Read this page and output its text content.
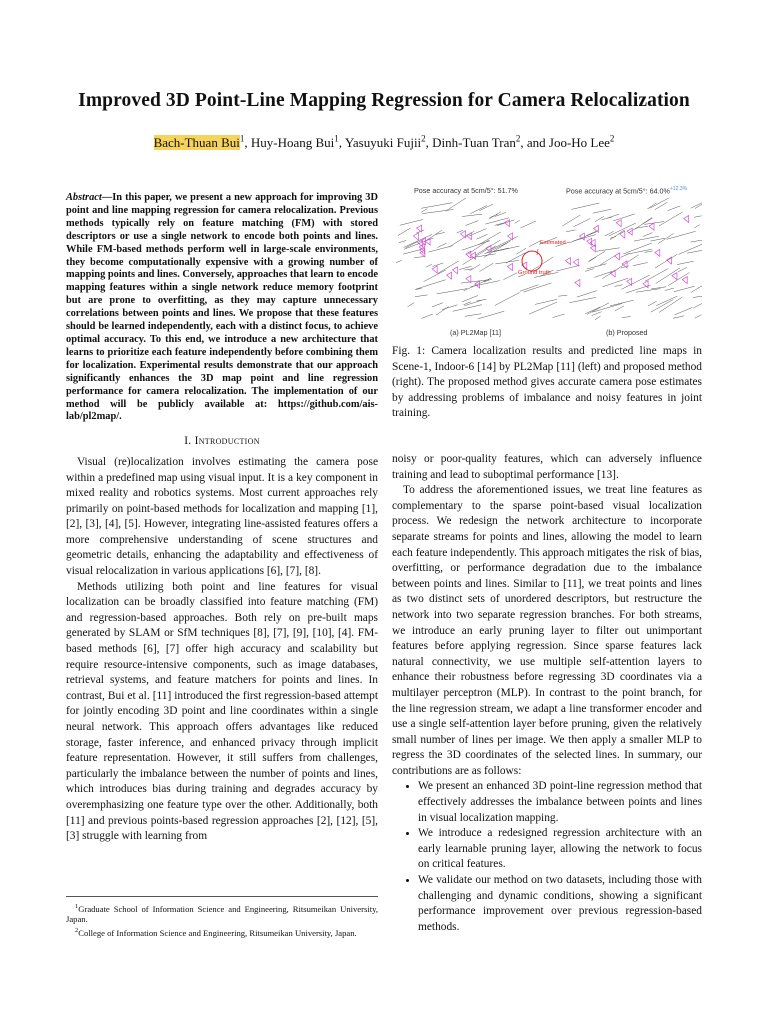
Improved 3D Point-Line Mapping Regression for Camera Relocalization
Bach-Thuan Bui$^1$, Huy-Hoang Bui$^1$, Yasuyuki Fujii$^2$, Dinh-Tuan Tran$^2$, and Joo-Ho Lee$^2$
Abstract—In this paper, we present a new approach for improving 3D point and line mapping regression for camera relocalization. Previous methods typically rely on feature matching (FM) with stored descriptors or use a single network to encode both points and lines. While FM-based methods perform well in large-scale environments, they become computationally expensive with a growing number of mapping points and lines. Conversely, approaches that learn to encode mapping features within a single network reduce memory footprint but are prone to overfitting, as they may capture unnecessary correlations between points and lines. We propose that these features should be learned independently, each with a distinct focus, to achieve optimal accuracy. To this end, we introduce a new architecture that learns to prioritize each feature independently before combining them for localization. Experimental results demonstrate that our approach significantly enhances the 3D map point and line regression performance for camera relocalization. The implementation of our method will be publicly available at: https://github.com/ais-lab/pl2map/.
I. Introduction

Visual (re)localization involves estimating the camera pose within a predefined map using visual input. It is a key component in mixed reality and robotics systems. Most current approaches rely primarily on point-based methods for localization and mapping [1], [2], [3], [4], [5]. However, integrating line-assisted features offers a more comprehensive understanding of scene structures and geometric details, enhancing the adaptability and effectiveness of visual relocalization in various applications [6], [7], [8].

Methods utilizing both point and line features for visual localization can be broadly classified into feature matching (FM) and regression-based approaches. Both rely on pre-built maps generated by SLAM or SfM techniques [8], [7], [9], [10], [4]. FM-based methods [6], [7] offer high accuracy and scalability but require resource-intensive components, such as image databases, retrieval systems, and feature matchers for points and lines. In contrast, Bui et al. [11] introduced the first regression-based attempt for jointly encoding 3D point and line coordinates within a single neural network. This approach offers advantages like reduced storage, faster inference, and enhanced privacy through implicit feature representation. However, it still suffers from challenges, particularly the imbalance between the number of points and lines, which introduces bias during training and degrades accuracy by overemphasizing one feature type over the other. Additionally, both [11] and previous points-based regression approaches [2], [12], [5], [3] struggle with learning from

$^1$Graduate School of Information Science and Engineering, Ritsumeikan University, Japan.
$^2$College of Information Science and Engineering, Ritsumeikan University, Japan.
Pose accuracy at 5cm/5°: 51.7%	Pose accuracy at 5cm/5°: 64.0%$^{+12.3\%}$
Estimated
Ground truth
(a) PL2Map [11]	(b) Proposed
Fig. 1: Camera localization results and predicted line maps in Scene-1, Indoor-6 [14] by PL2Map [11] (left) and proposed method (right). The proposed method gives accurate camera pose estimates by addressing problems of imbalance and noisy features in joint training.

noisy or poor-quality features, which can adversely influence training and lead to suboptimal performance [13].

To address the aforementioned issues, we treat line features as complementary to the sparse point-based visual localization process. We redesign the network architecture to incorporate separate streams for points and lines, allowing the model to learn each feature independently. This approach mitigates the risk of bias, overfitting, or performance degradation due to the imbalance between points and lines. Similar to [11], we treat points and lines as two distinct sets of unordered descriptors, but restructure the network into two separate regression branches. For both streams, we introduce an early pruning layer to filter out unimportant features before applying regression. Since sparse features lack natural connectivity, we use multiple self-attention layers to enhance their robustness before regressing 3D coordinates via a multilayer perceptron (MLP). In contrast to the point branch, for the line regression stream, we adapt a line transformer encoder and use a single self-attention layer before pruning, given the relatively small number of lines per image. We then apply a smaller MLP to regress the 3D coordinates of the selected lines. In summary, our contributions are as follows:

• We present an enhanced 3D point-line regression method that effectively addresses the imbalance between points and lines in visual localization mapping.
• We introduce a redesigned regression architecture with an early learnable pruning layer, allowing the network to focus on critical features.
• We validate our method on two datasets, including those with challenging and dynamic conditions, showing a significant performance improvement over previous regression-based methods.
